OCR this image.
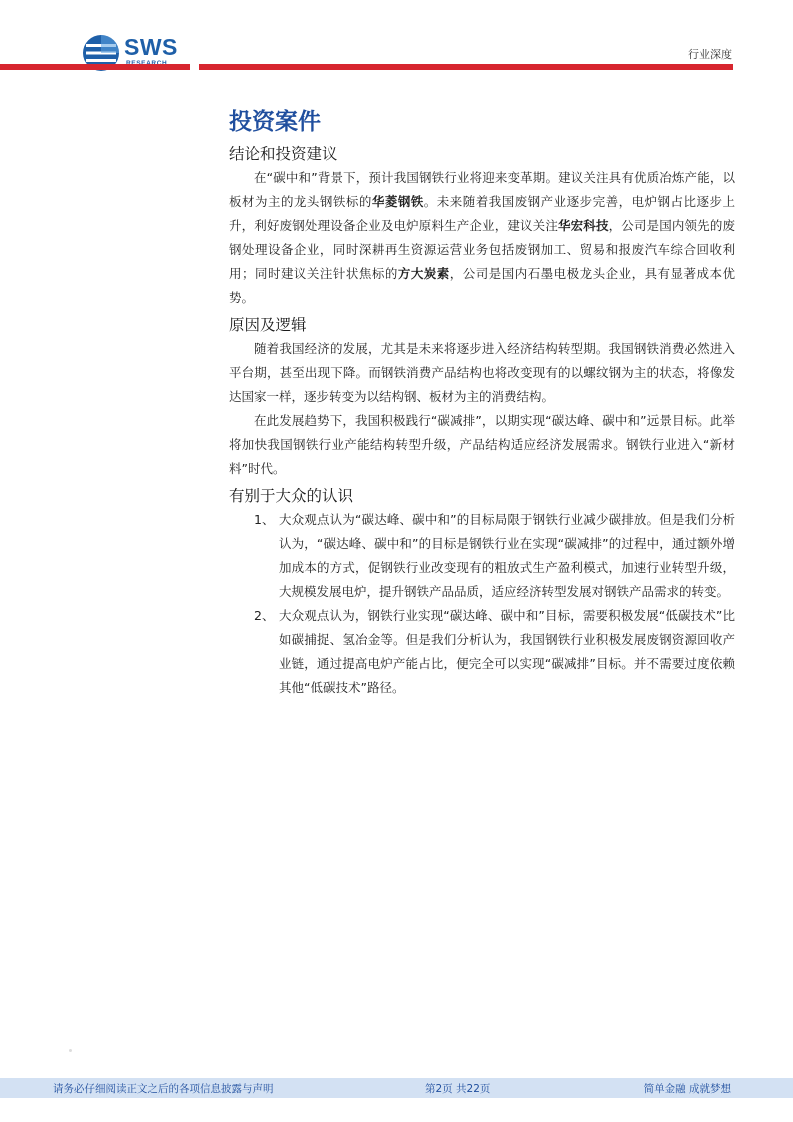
SWS	行业深度
投资案件
结论和投资建议

在“碳中和”背景下，预计我国钢铁行业将迎来变革期。建议关注具有优质冶炼产能，以板材为主的龙头钢铁标的华菱钢铁。未来随着我国废钢产业逐步完善，电炉钢占比逐步上升，利好废钢处理设备企业及电炉原料生产企业，建议关注华宏科技，公司是国内领先的废钢处理设备企业，同时深耕再生资源运营业务包括废钢加工、贸易和报废汽车综合回收利用；同时建议关注针状焦标的方大炭素，公司是国内石墨电极龙头企业，具有显著成本优势。

原因及逻辑

随着我国经济的发展，尤其是未来将逐步进入经济结构转型期。我国钢铁消费必然进入平台期，甚至出现下降。而钢铁消费产品结构也将改变现有的以螺纹钢为主的状态，将像发达国家一样，逐步转变为以结构钢、板材为主的消费结构。

在此发展趋势下，我国积极践行“碳减排”，以期实现“碳达峰、碳中和”远景目标。此举将加快我国钢铁行业产能结构转型升级，产品结构适应经济发展需求。钢铁行业进入“新材料”时代。

有别于大众的认识
1、 大众观点认为“碳达峰、碳中和”的目标局限于钢铁行业减少碳排放。但是我们分析认为，“碳达峰、碳中和”的目标是钢铁行业在实现“碳减排”的过程中，通过额外增加成本的方式，促钢铁行业改变现有的粗放式生产盈利模式，加速行业转型升级，大规模发展电炉，提升钢铁产品品质，适应经济转型发展对钢铁产品需求的转变。
2、 大众观点认为，钢铁行业实现“碳达峰、碳中和”目标，需要积极发展“低碳技术”比如碳捕捉、氢冶金等。但是我们分析认为，我国钢铁行业积极发展废钢资源回收产业链，通过提高电炉产能占比，便完全可以实现“碳减排”目标。并不需要过度依赖其他“低碳技术”路径。
请务必仔细阅读正文之后的各项信息披露与声明	第2页 共22页	简单金融 成就梦想
